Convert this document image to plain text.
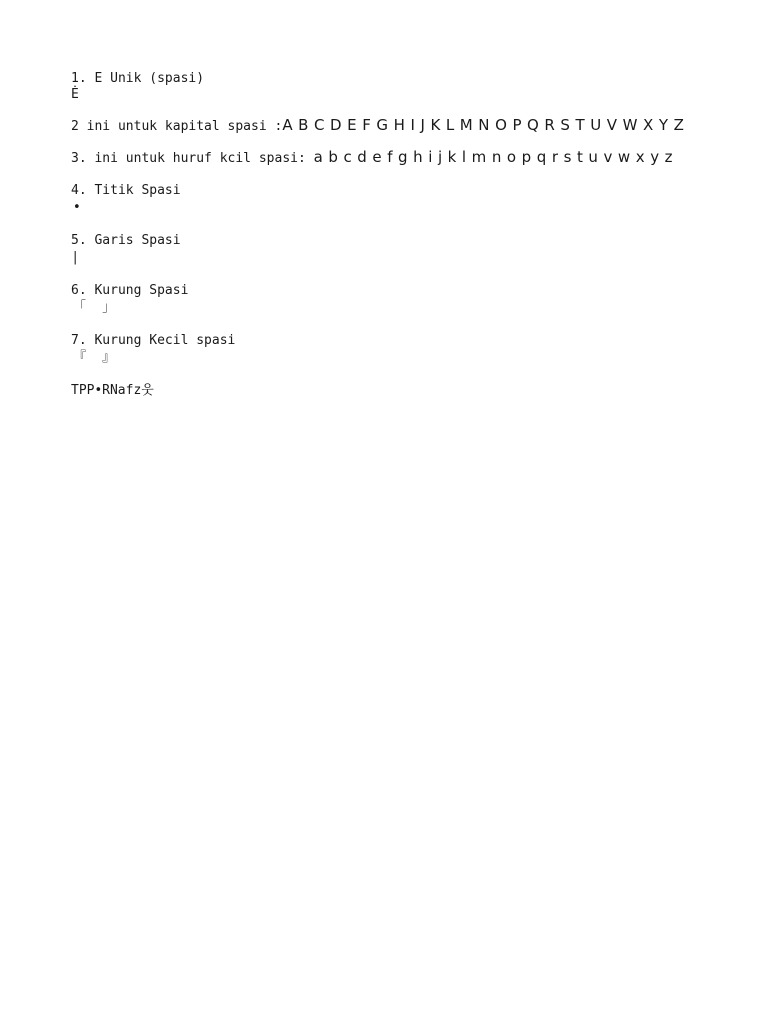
1. E Unik (spasi)
Ė
2 ini untuk kapital spasi :A B C D E F G H I J K L M N O P Q R S T U V W X Y Z
3. ini untuk huruf kcil spasi: a b c d e f g h i j k l m n o p q r s t u v w x y z
4. Titik Spasi
•
5. Garis Spasi
|
6. Kurung Spasi
「 」
7. Kurung Kecil spasi
『 』
TPP•RNafz웃
